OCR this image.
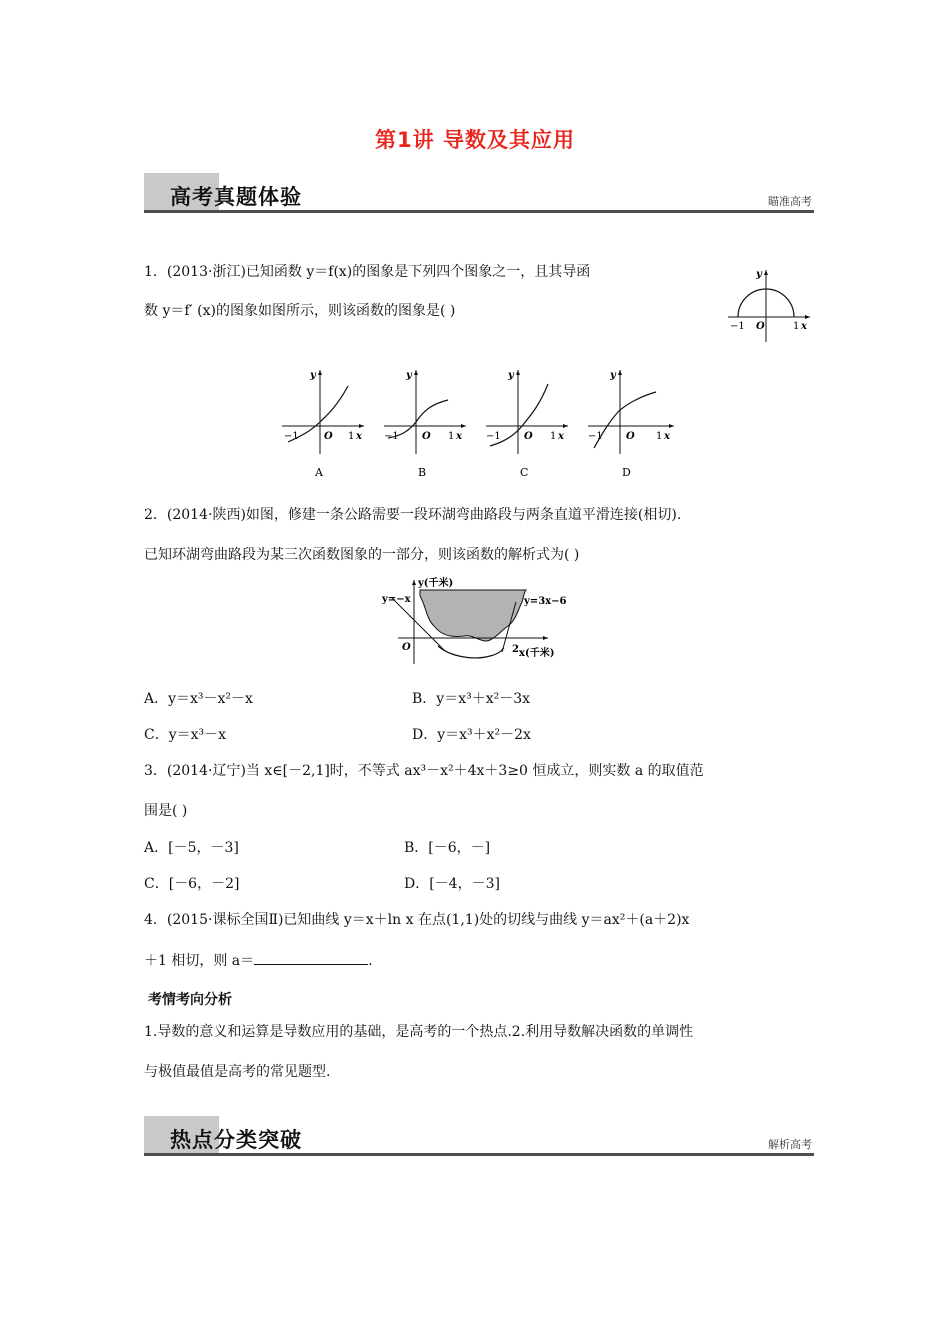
第1讲 导数及其应用
高考真题体验	瞄准高考
1．(2013·浙江)已知函数 y＝f(x)的图象是下列四个图象之一，且其导函
数 y＝f′ (x)的图象如图所示，则该函数的图象是( )
y
−1 O	1 x
y
−1	O 1 x
A
y
−1 O 1 x
B
y
−1 O 1 x
C
y
−1 O 1 x
D
2．(2014·陕西)如图，修建一条公路需要一段环湖弯曲路段与两条直道平滑连接(相切).
已知环湖弯曲路段为某三次函数图象的一部分，则该函数的解析式为( )
y(千米)
y=−x	y=3x−6
O	2 x(千米)
A．y＝x³－x²－x	B．y＝x³＋x²－3x
C．y＝x³－x	D．y＝x³＋x²－2x
3．(2014·辽宁)当 x∈[－2,1]时，不等式 ax³－x²＋4x＋3≥0 恒成立，则实数 a 的取值范
围是( )
A．[－5，－3]	B．[－6，－]
C．[－6，－2]	D．[－4，－3]
4．(2015·课标全国Ⅱ)已知曲线 y＝x＋ln x 在点(1,1)处的切线与曲线 y＝ax²＋(a＋2)x
＋1 相切，则 a＝	.
考情考向分析
1.导数的意义和运算是导数应用的基础，是高考的一个热点.2.利用导数解决函数的单调性
与极值最值是高考的常见题型.
热点分类突破	解析高考
